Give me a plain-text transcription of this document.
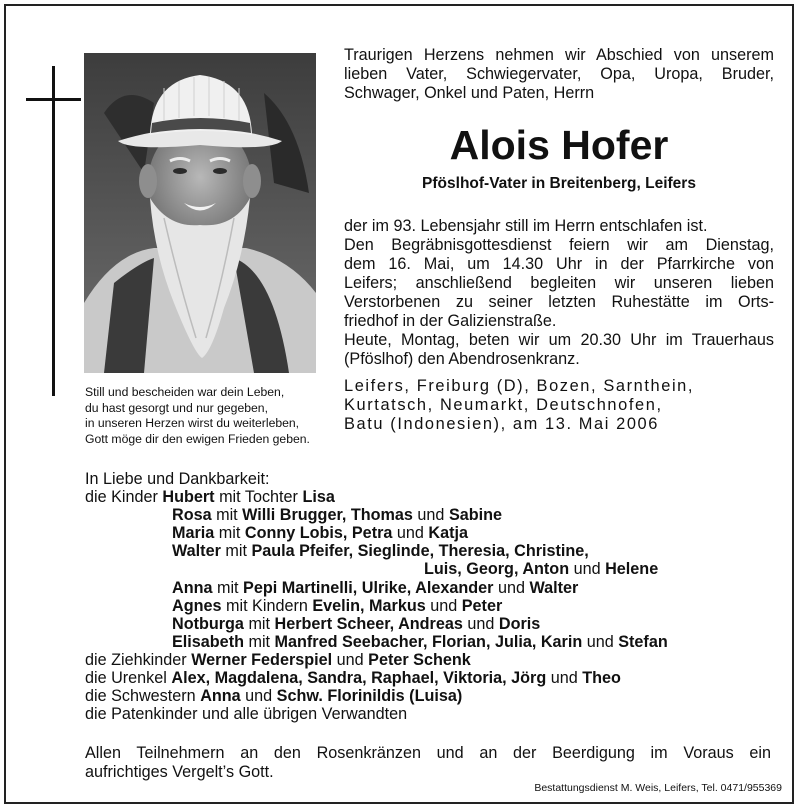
Still und bescheiden war dein Leben,
du hast gesorgt und nur gegeben,
in unseren Herzen wirst du weiterleben,
Gott möge dir den ewigen Frieden geben.
Traurigen Herzens nehmen wir Abschied von unserem
lieben Vater, Schwiegervater, Opa, Uropa, Bruder,
Schwager, Onkel und Paten, Herrn
Alois Hofer
Pföslhof-Vater in Breitenberg, Leifers
der im 93. Lebensjahr still im Herrn entschlafen ist.
Den Begräbnisgottesdienst feiern wir am Dienstag,
dem 16. Mai, um 14.30 Uhr in der Pfarrkirche von
Leifers; anschließend begleiten wir unseren lieben
Verstorbenen zu seiner letzten Ruhestätte im Orts-
friedhof in der Galizienstraße.
Heute, Montag, beten wir um 20.30 Uhr im Trauerhaus
(Pföslhof) den Abendrosenkranz.
Leifers, Freiburg (D), Bozen, Sarnthein,
Kurtatsch, Neumarkt, Deutschnofen,
Batu (Indonesien), am 13. Mai 2006
In Liebe und Dankbarkeit:
die Kinder Hubert mit Tochter Lisa
Rosa mit Willi Brugger, Thomas und Sabine
Maria mit Conny Lobis, Petra und Katja
Walter mit Paula Pfeifer, Sieglinde, Theresia, Christine,
Luis, Georg, Anton und Helene
Anna mit Pepi Martinelli, Ulrike, Alexander und Walter
Agnes mit Kindern Evelin, Markus und Peter
Notburga mit Herbert Scheer, Andreas und Doris
Elisabeth mit Manfred Seebacher, Florian, Julia, Karin und Stefan
die Ziehkinder Werner Federspiel und Peter Schenk
die Urenkel Alex, Magdalena, Sandra, Raphael, Viktoria, Jörg und Theo
die Schwestern Anna und Schw. Florinildis (Luisa)
die Patenkinder und alle übrigen Verwandten
Allen Teilnehmern an den Rosenkränzen und an der Beerdigung im Voraus ein
aufrichtiges Vergelt’s Gott.
Bestattungsdienst M. Weis, Leifers, Tel. 0471/955369
